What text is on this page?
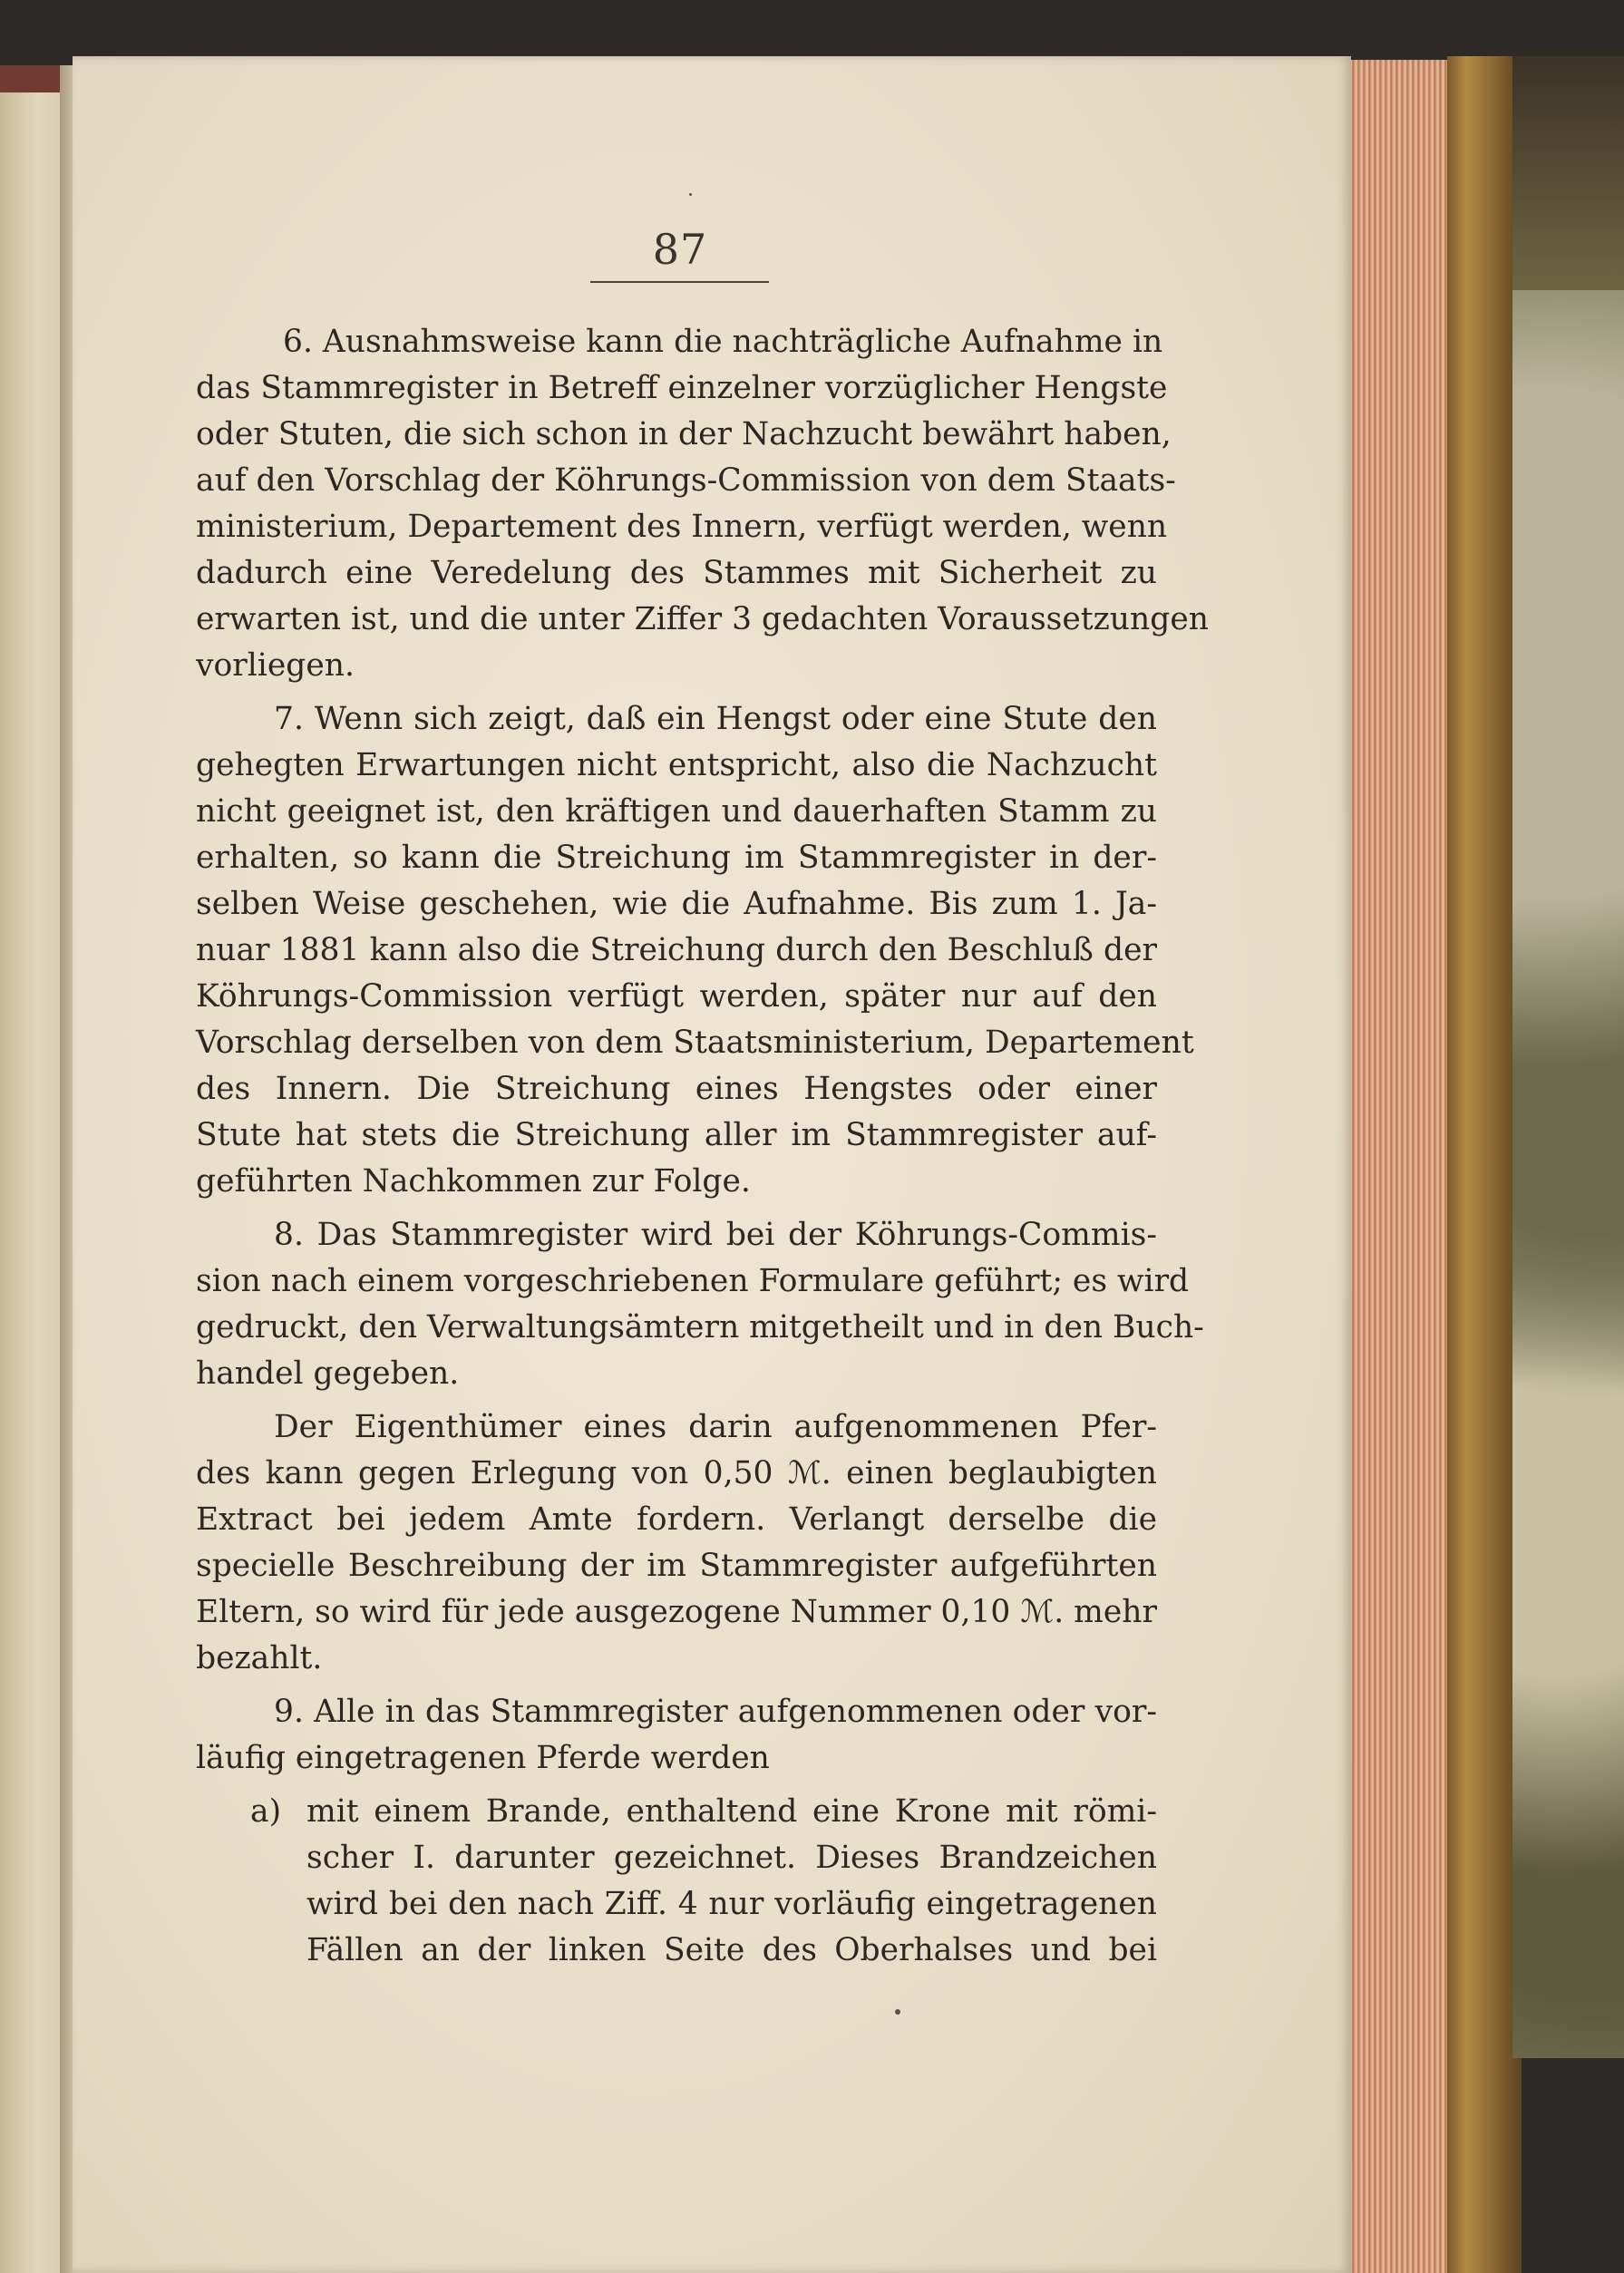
87
6. Ausnahmsweise kann die nachträgliche Aufnahme in
das Stammregister in Betreff einzelner vorzüglicher Hengste
oder Stuten, die sich schon in der Nachzucht bewährt haben,
auf den Vorschlag der Köhrungs-Commission von dem Staats-
ministerium, Departement des Innern, verfügt werden, wenn
dadurch eine Veredelung des Stammes mit Sicherheit zu
erwarten ist, und die unter Ziffer 3 gedachten Voraussetzungen
vorliegen.
7. Wenn sich zeigt, daß ein Hengst oder eine Stute den
gehegten Erwartungen nicht entspricht, also die Nachzucht
nicht geeignet ist, den kräftigen und dauerhaften Stamm zu
erhalten, so kann die Streichung im Stammregister in der-
selben Weise geschehen, wie die Aufnahme. Bis zum 1. Ja-
nuar 1881 kann also die Streichung durch den Beschluß der
Köhrungs-Commission verfügt werden, später nur auf den
Vorschlag derselben von dem Staatsministerium, Departement
des Innern. Die Streichung eines Hengstes oder einer
Stute hat stets die Streichung aller im Stammregister auf-
geführten Nachkommen zur Folge.
8. Das Stammregister wird bei der Köhrungs-Commis-
sion nach einem vorgeschriebenen Formulare geführt; es wird
gedruckt, den Verwaltungsämtern mitgetheilt und in den Buch-
handel gegeben.
Der Eigenthümer eines darin aufgenommenen Pfer-
des kann gegen Erlegung von 0,50 ℳ. einen beglaubigten
Extract bei jedem Amte fordern. Verlangt derselbe die
specielle Beschreibung der im Stammregister aufgeführten
Eltern, so wird für jede ausgezogene Nummer 0,10 ℳ. mehr
bezahlt.
9. Alle in das Stammregister aufgenommenen oder vor-
läufig eingetragenen Pferde werden
a) mit einem Brande, enthaltend eine Krone mit römi-
scher I. darunter gezeichnet. Dieses Brandzeichen
wird bei den nach Ziff. 4 nur vorläufig eingetragenen
Fällen an der linken Seite des Oberhalses und bei
